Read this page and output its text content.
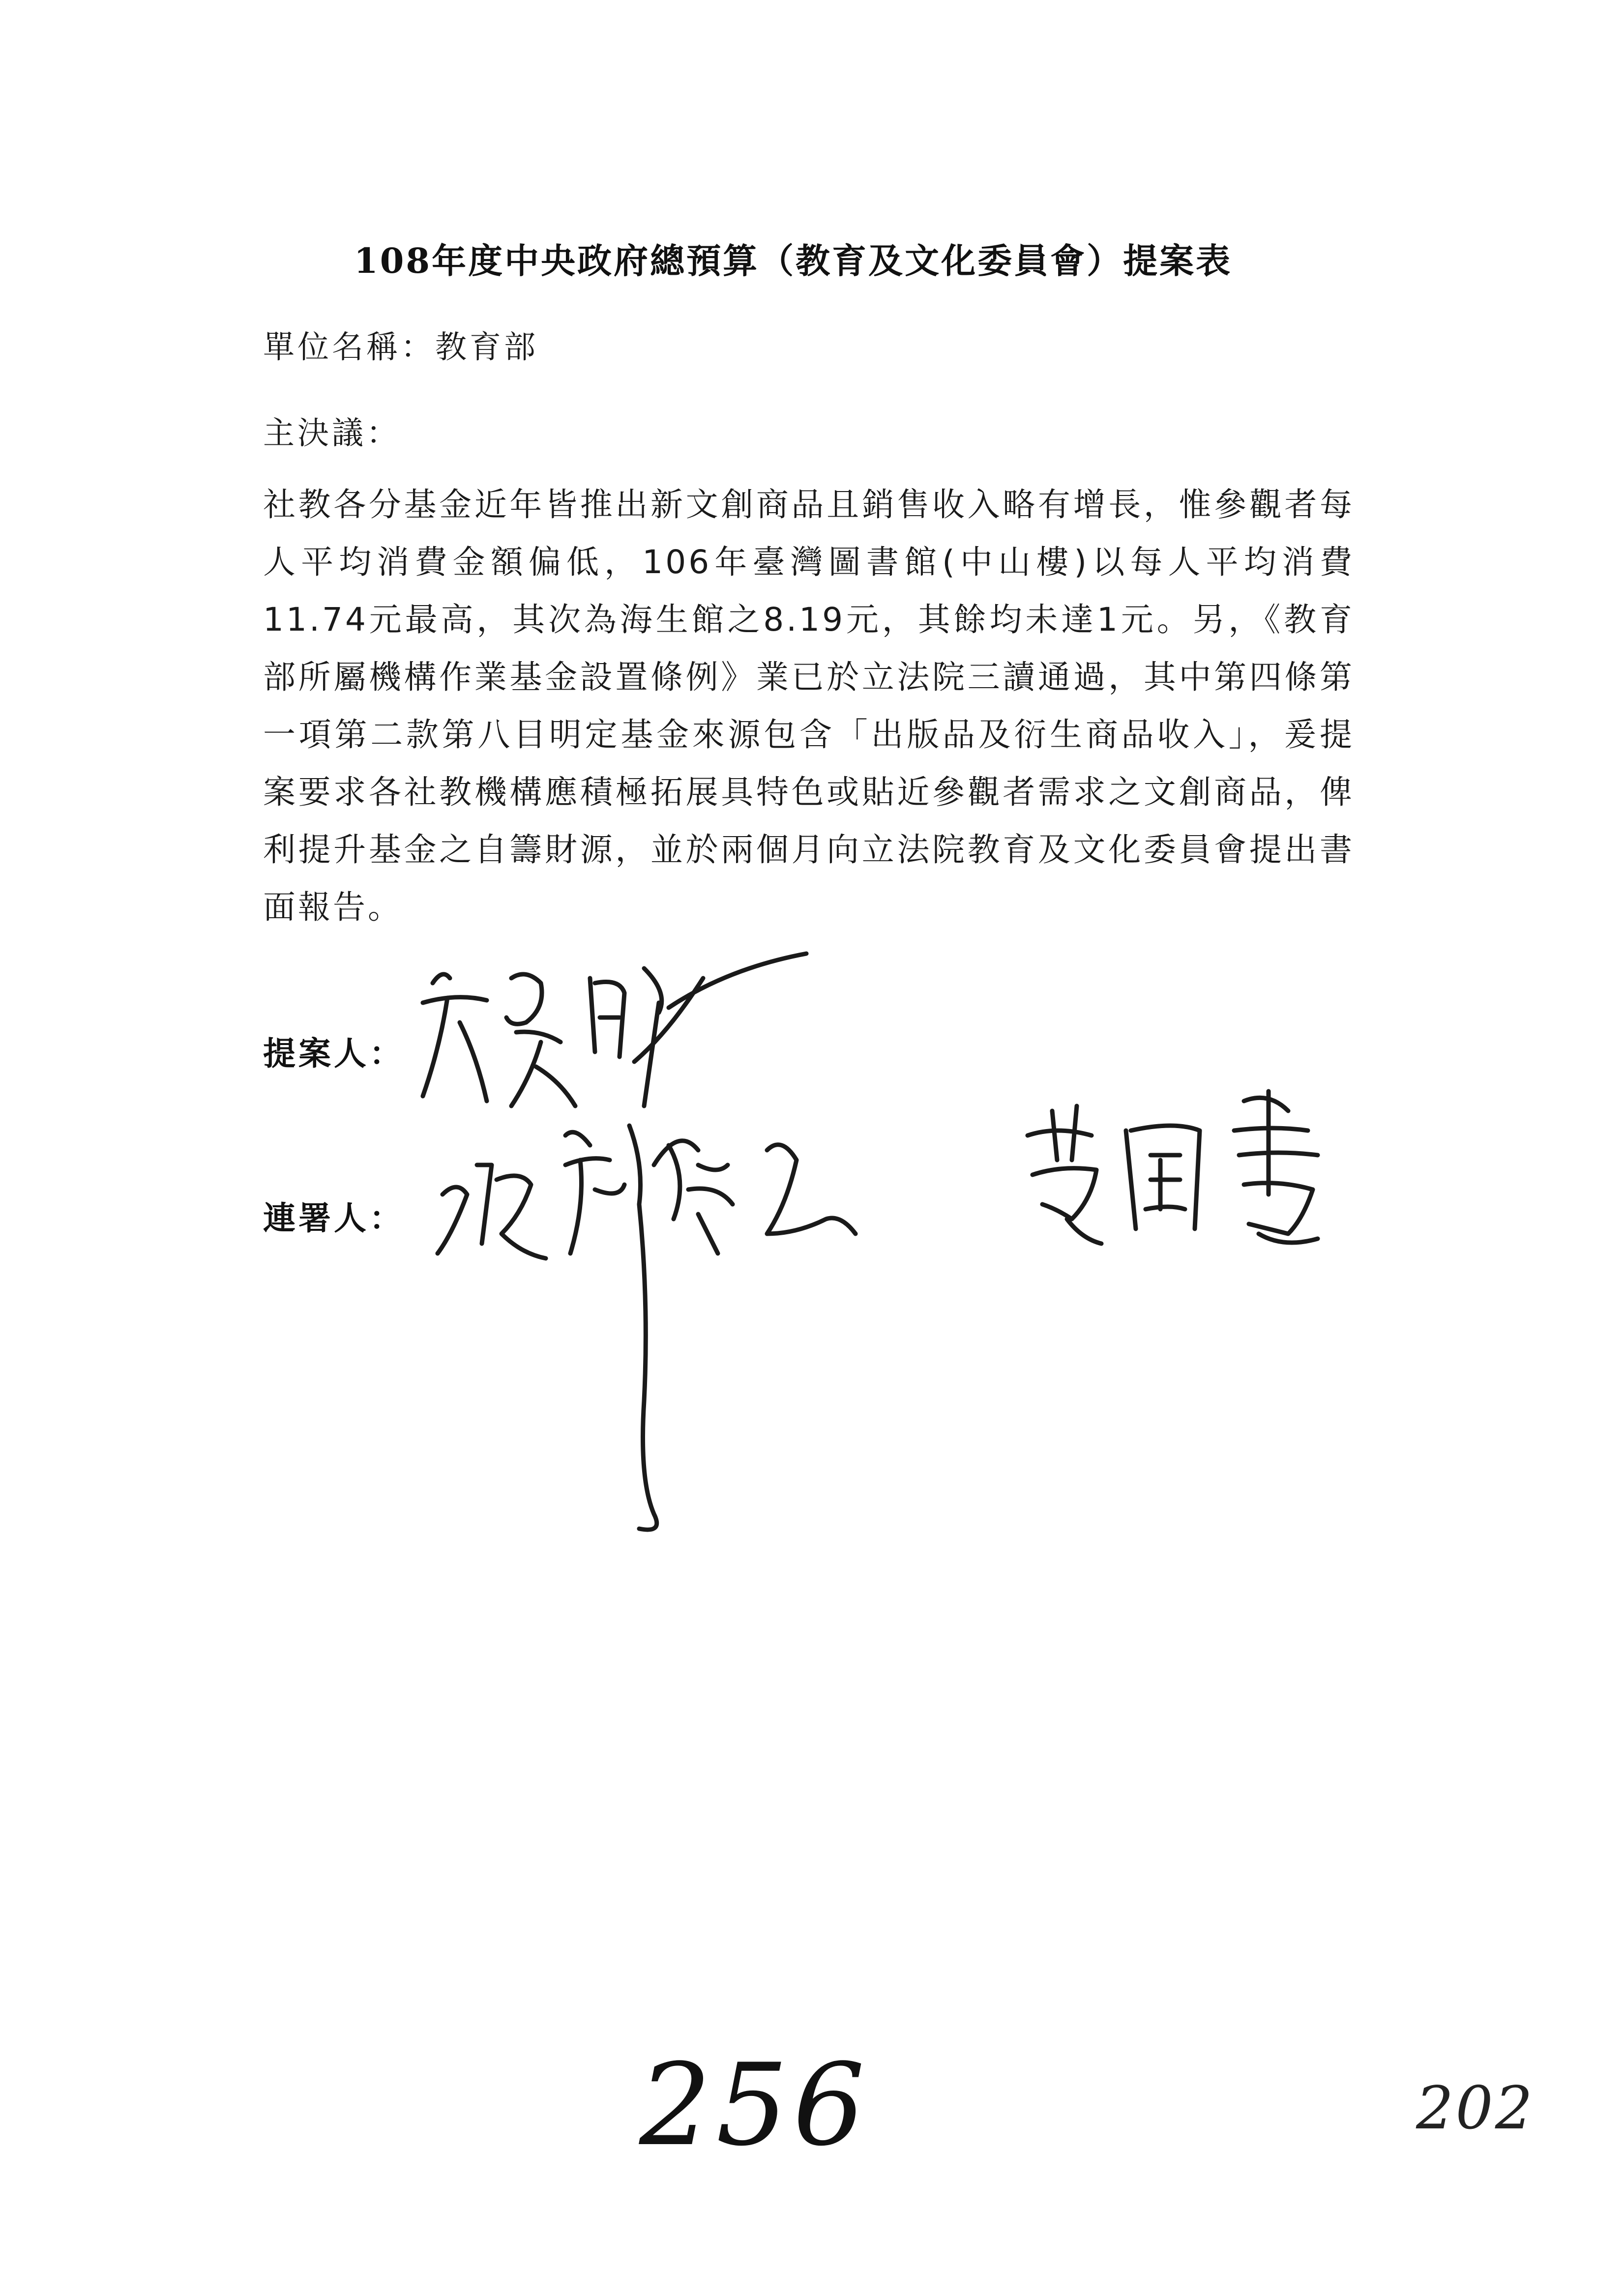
108年度中央政府總預算（教育及文化委員會）提案表
單位名稱：教育部
主決議：
社教各分基金近年皆推出新文創商品且銷售收入略有增長，惟參觀者每人平均消費金額偏低，106年臺灣圖書館(中山樓)以每人平均消費11.74元最高，其次為海生館之8.19元，其餘均未達1元。另，《教育部所屬機構作業基金設置條例》業已於立法院三讀通過，其中第四條第一項第二款第八目明定基金來源包含「出版品及衍生商品收入」，爰提案要求各社教機構應積極拓展具特色或貼近參觀者需求之文創商品，俾利提升基金之自籌財源，並於兩個月向立法院教育及文化委員會提出書面報告。
提案人：
連署人：
256	202
